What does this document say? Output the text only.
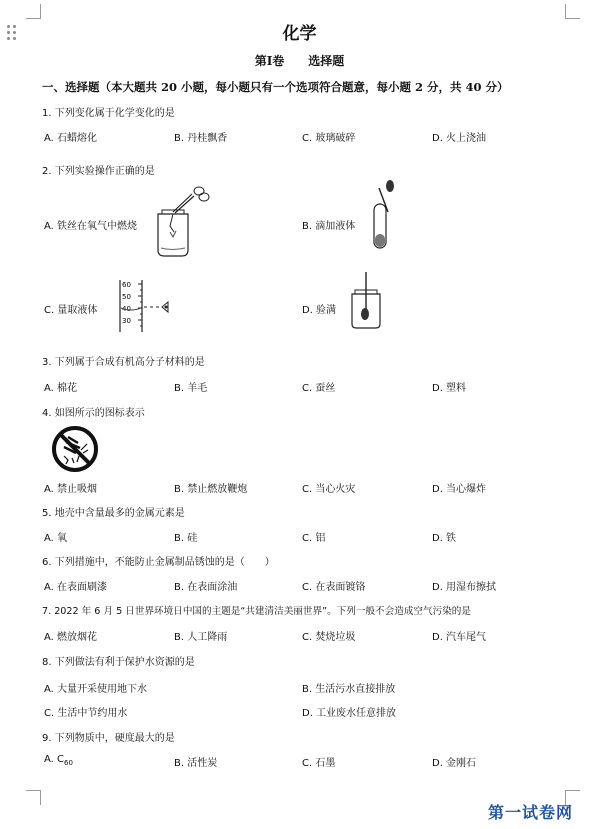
化学
第Ⅰ卷　　选择题
一、选择题（本大题共 20 小题，每小题只有一个选项符合题意，每小题 2 分，共 40 分）
1. 下列变化属于化学变化的是
A. 石蜡熔化	B. 丹桂飘香	C. 玻璃破碎	D. 火上浇油
2. 下列实验操作正确的是
A. 铁丝在氧气中燃烧	B. 滴加液体
C. 量取液体	D. 验满
60
50
40
30
3. 下列属于合成有机高分子材料的是
A. 棉花	B. 羊毛	C. 蚕丝	D. 塑料
4. 如图所示的图标表示
A. 禁止吸烟	B. 禁止燃放鞭炮	C. 当心火灾	D. 当心爆炸
5. 地壳中含量最多的金属元素是
A. 氧	B. 硅	C. 铝	D. 铁
6. 下列措施中，不能防止金属制品锈蚀的是（　　）
A. 在表面刷漆	B. 在表面涂油	C. 在表面镀铬	D. 用湿布擦拭
7. 2022 年 6 月 5 日世界环境日中国的主题是“共建清洁美丽世界”。下列一般不会造成空气污染的是
A. 燃放烟花	B. 人工降雨	C. 焚烧垃圾	D. 汽车尾气
8. 下列做法有利于保护水资源的是
A. 大量开采使用地下水	B. 生活污水直接排放
C. 生活中节约用水	D. 工业废水任意排放
9. 下列物质中，硬度最大的是
A. $C_{60}$	B. 活性炭	C. 石墨	D. 金刚石
第一试卷网
